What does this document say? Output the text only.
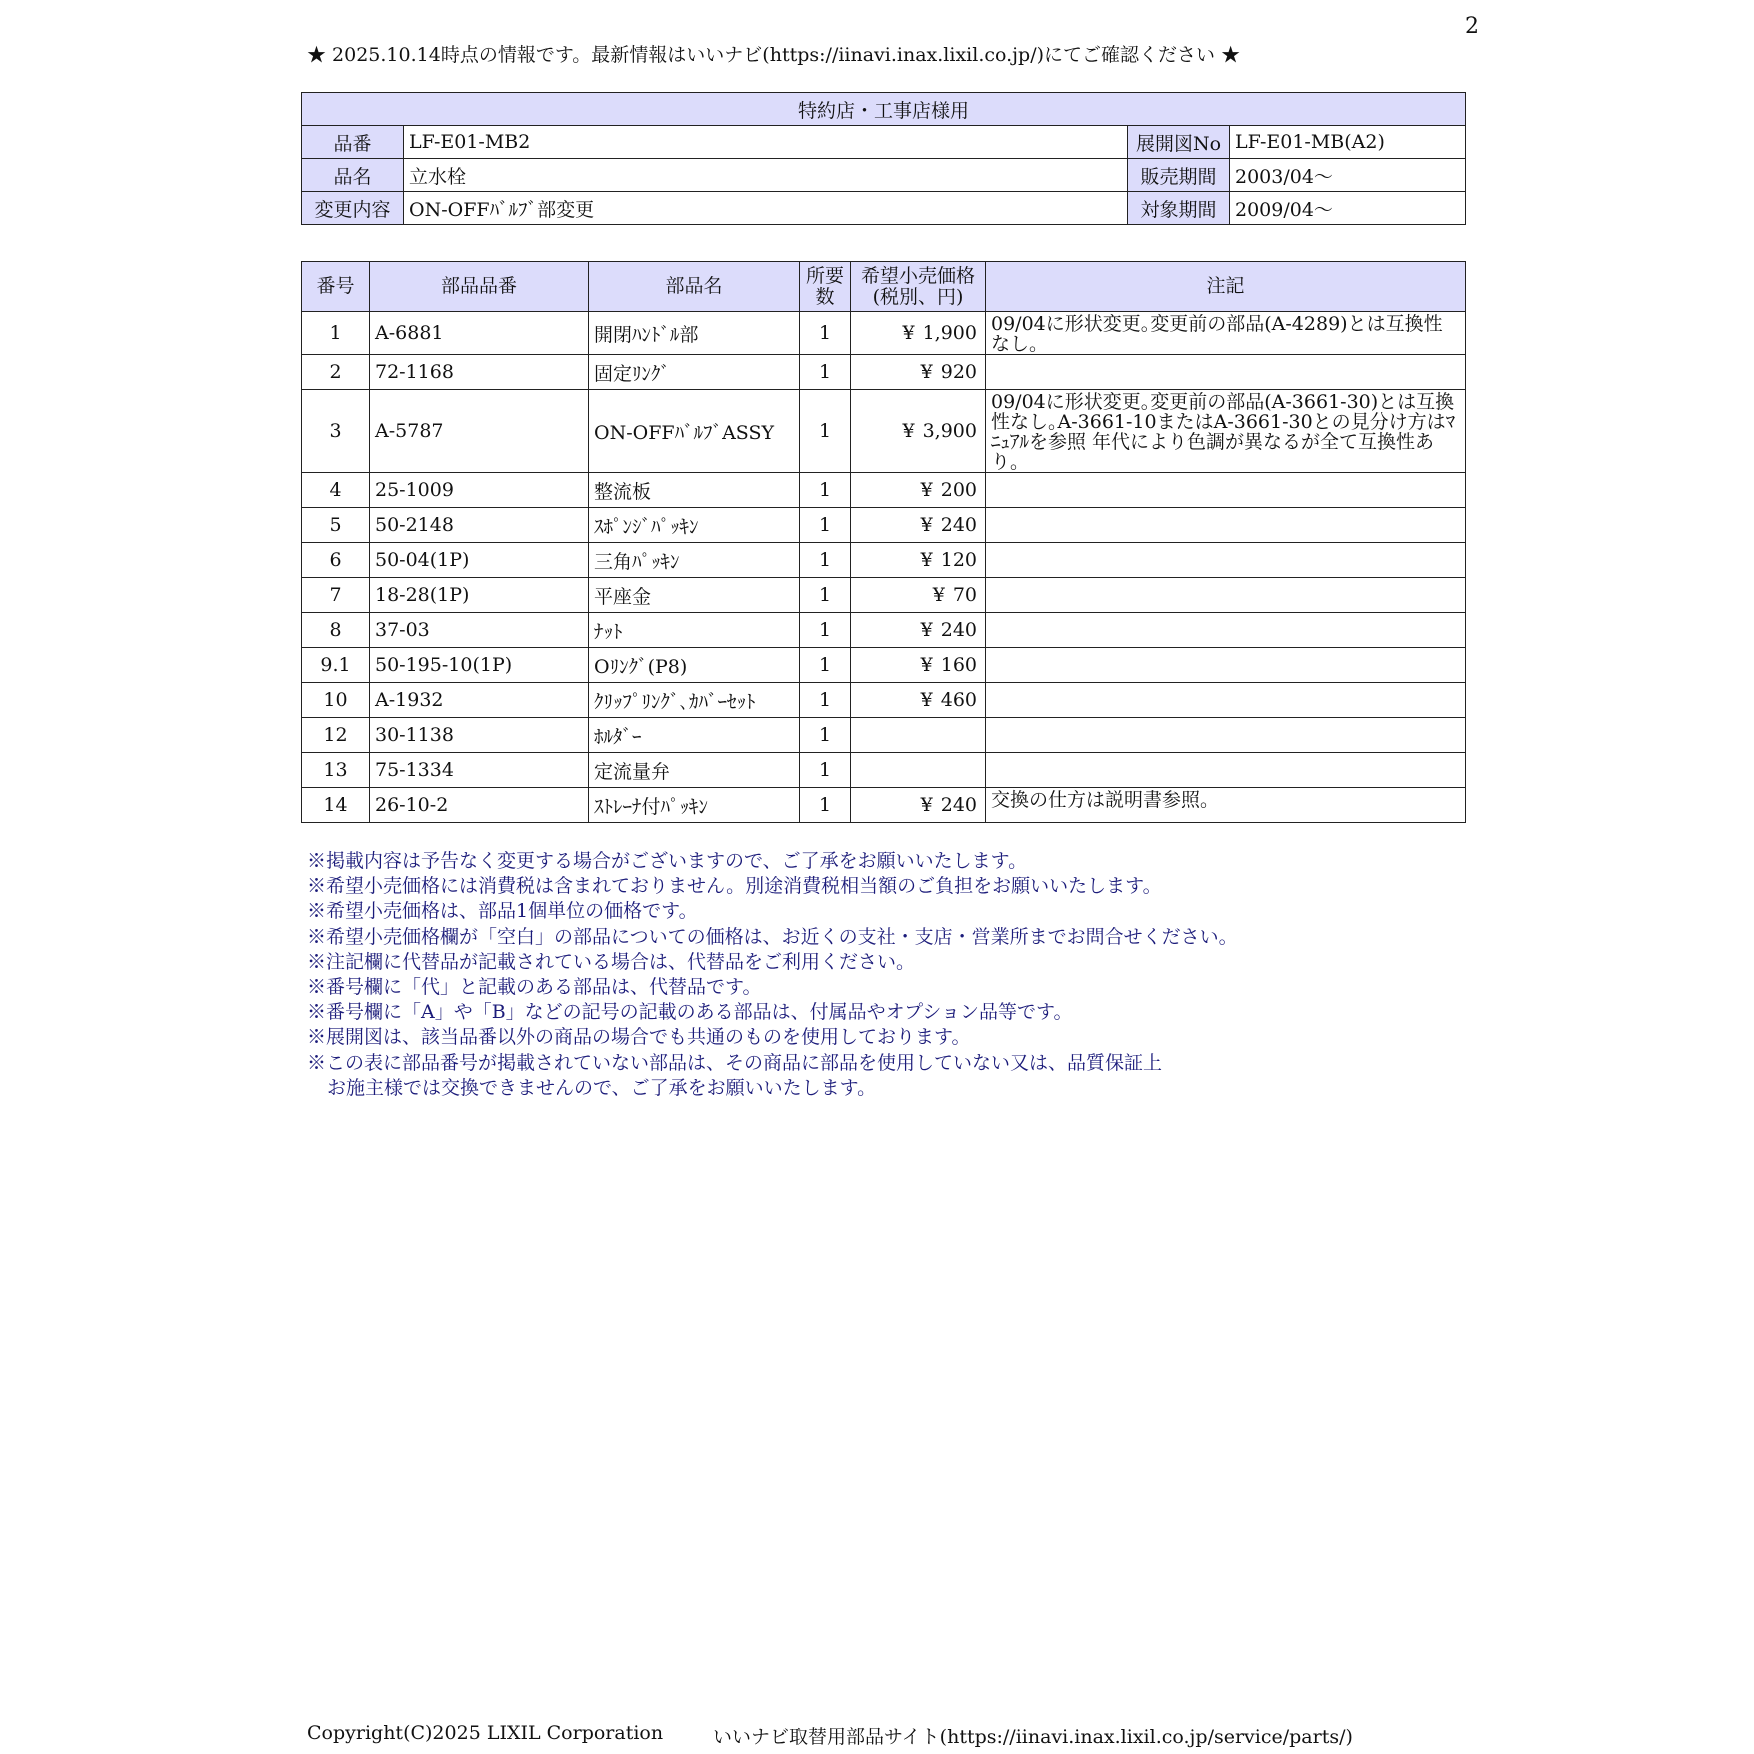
2
★ 2025.10.14時点の情報です。最新情報はいいナビ(https://iinavi.inax.lixil.co.jp/)にてご確認ください ★
特約店・工事店様用			
品番	LF-E01-MB2	展開図No	LF-E01-MB(A2)
品名	立水栓	販売期間	2003/04〜
変更内容	ON-OFFﾊﾞﾙﾌﾞ部変更	対象期間	2009/04〜
番号	部品品番	部品名	所要数	希望小売価格(税別、円)	注記
1	A-6881	開閉ﾊﾝﾄﾞﾙ部	1	¥ 1,900	09/04に形状変更｡変更前の部品(A-4289)とは互換性なし。
2	72-1168	固定ﾘﾝｸﾞ	1	¥ 920	
3	A-5787	ON-OFFﾊﾞﾙﾌﾞASSY	1	¥ 3,900	09/04に形状変更｡変更前の部品(A-3661-30)とは互換性なし｡A-3661-10またはA-3661-30との見分け方はﾏﾆｭｱﾙを参照 年代により色調が異なるが全て互換性あり。
4	25-1009	整流板	1	¥ 200	
5	50-2148	ｽﾎﾟﾝｼﾞﾊﾟｯｷﾝ	1	¥ 240	
6	50-04(1P)	三角ﾊﾟｯｷﾝ	1	¥ 120	
7	18-28(1P)	平座金	1	¥ 70	
8	37-03	ﾅｯﾄ	1	¥ 240	
9.1	50-195-10(1P)	Oﾘﾝｸﾞ(P8)	1	¥ 160	
10	A-1932	ｸﾘｯﾌﾟﾘﾝｸﾞ､ｶﾊﾞｰｾｯﾄ	1	¥ 460	
12	30-1138	ﾎﾙﾀﾞｰ	1		
13	75-1334	定流量弁	1		
14	26-10-2	ｽﾄﾚｰﾅ付ﾊﾟｯｷﾝ	1	¥ 240	交換の仕方は説明書参照。
※掲載内容は予告なく変更する場合がございますので、ご了承をお願いいたします。
※希望小売価格には消費税は含まれておりません。別途消費税相当額のご負担をお願いいたします。
※希望小売価格は、部品1個単位の価格です。
※希望小売価格欄が「空白」の部品についての価格は、お近くの支社・支店・営業所までお問合せください。
※注記欄に代替品が記載されている場合は、代替品をご利用ください。
※番号欄に「代」と記載のある部品は、代替品です。
※番号欄に「A」や「B」などの記号の記載のある部品は、付属品やオプション品等です。
※展開図は、該当品番以外の商品の場合でも共通のものを使用しております。
※この表に部品番号が掲載されていない部品は、その商品に部品を使用していない又は、品質保証上
お施主様では交換できませんので、ご了承をお願いいたします。
Copyright(C)2025 LIXIL Corporation	いいナビ取替用部品サイト(https://iinavi.inax.lixil.co.jp/service/parts/)
